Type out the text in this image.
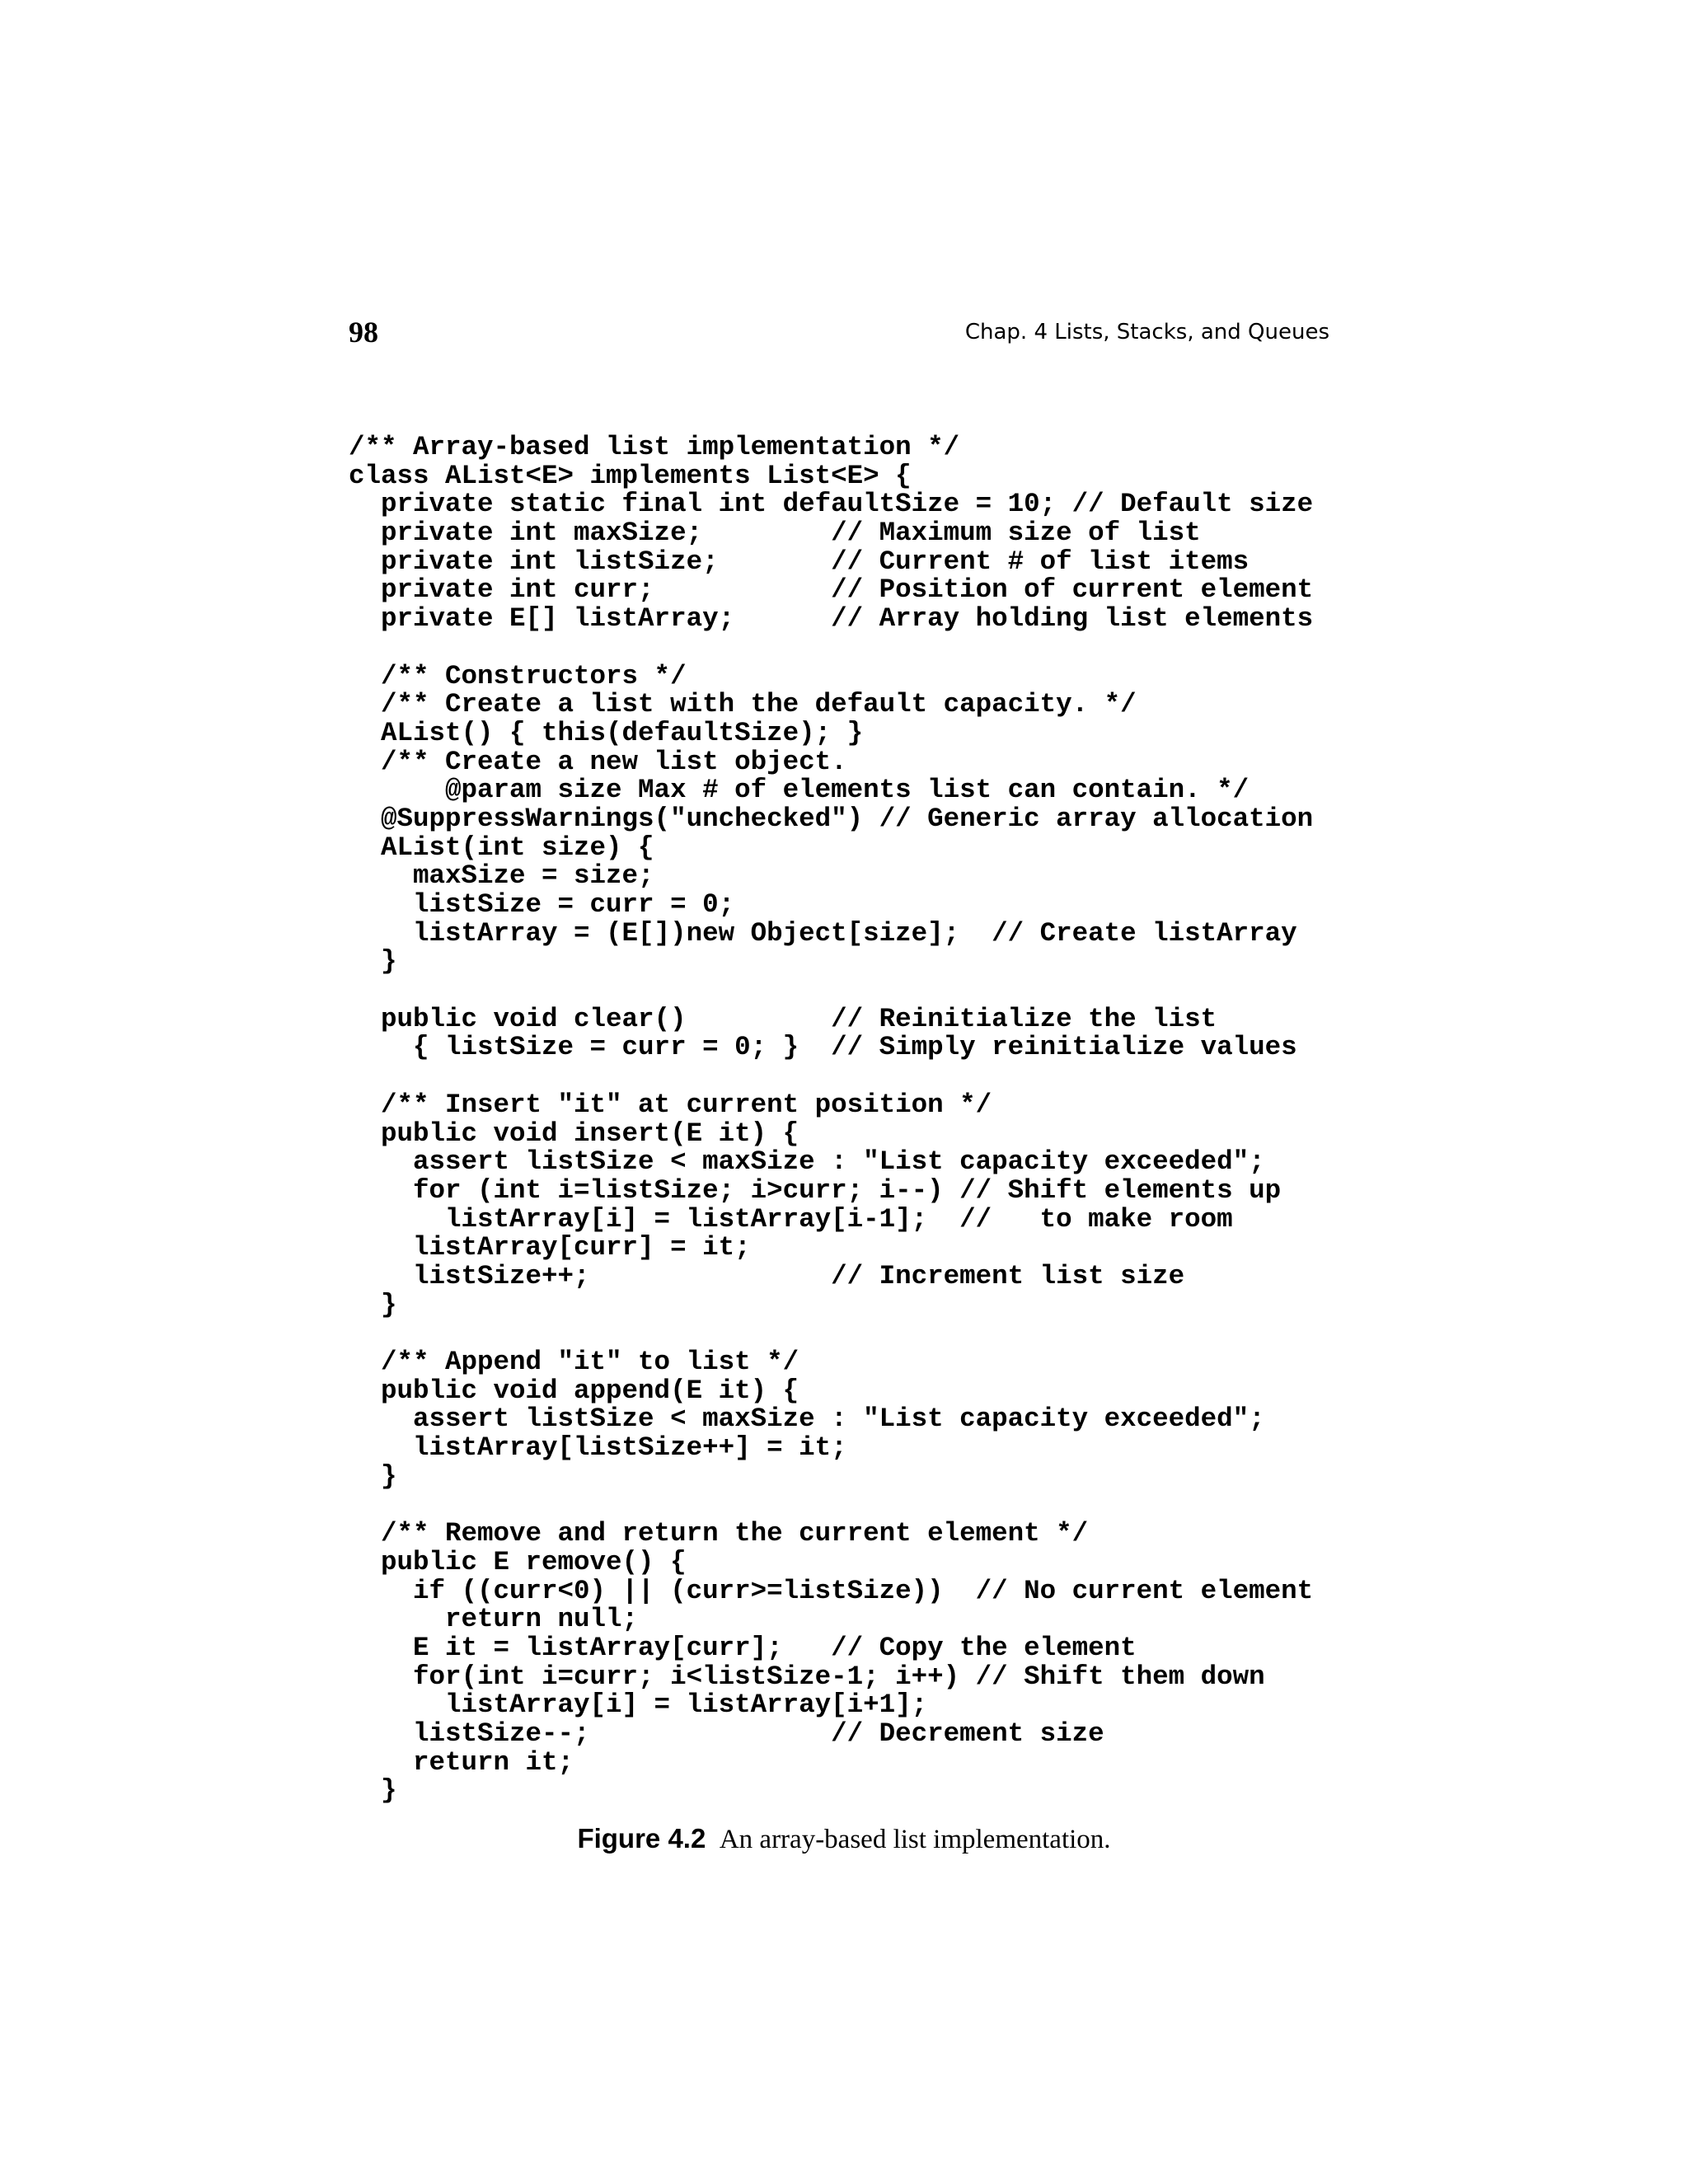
98	Chap. 4 Lists, Stacks, and Queues
/** Array-based list implementation */
class AList<E> implements List<E> {
private static final int defaultSize = 10; // Default size
private int maxSize;        // Maximum size of list
private int listSize;       // Current # of list items
private int curr;           // Position of current element
private E[] listArray;      // Array holding list elements
/** Constructors */
/** Create a list with the default capacity. */
AList() { this(defaultSize); }
/** Create a new list object.
@param size Max # of elements list can contain. */
@SuppressWarnings("unchecked") // Generic array allocation
AList(int size) {
maxSize = size;
listSize = curr = 0;
listArray = (E[])new Object[size];  // Create listArray
}
public void clear()         // Reinitialize the list
{ listSize = curr = 0; }  // Simply reinitialize values
/** Insert "it" at current position */
public void insert(E it) {
assert listSize < maxSize : "List capacity exceeded";
for (int i=listSize; i>curr; i--) // Shift elements up
listArray[i] = listArray[i-1];  //   to make room
listArray[curr] = it;
listSize++;               // Increment list size
}
/** Append "it" to list */
public void append(E it) {
assert listSize < maxSize : "List capacity exceeded";
listArray[listSize++] = it;
}
/** Remove and return the current element */
public E remove() {
if ((curr<0) || (curr>=listSize))  // No current element
return null;
E it = listArray[curr];   // Copy the element
for(int i=curr; i<listSize-1; i++) // Shift them down
listArray[i] = listArray[i+1];
listSize--;               // Decrement size
return it;
}
Figure 4.2 An array-based list implementation.
